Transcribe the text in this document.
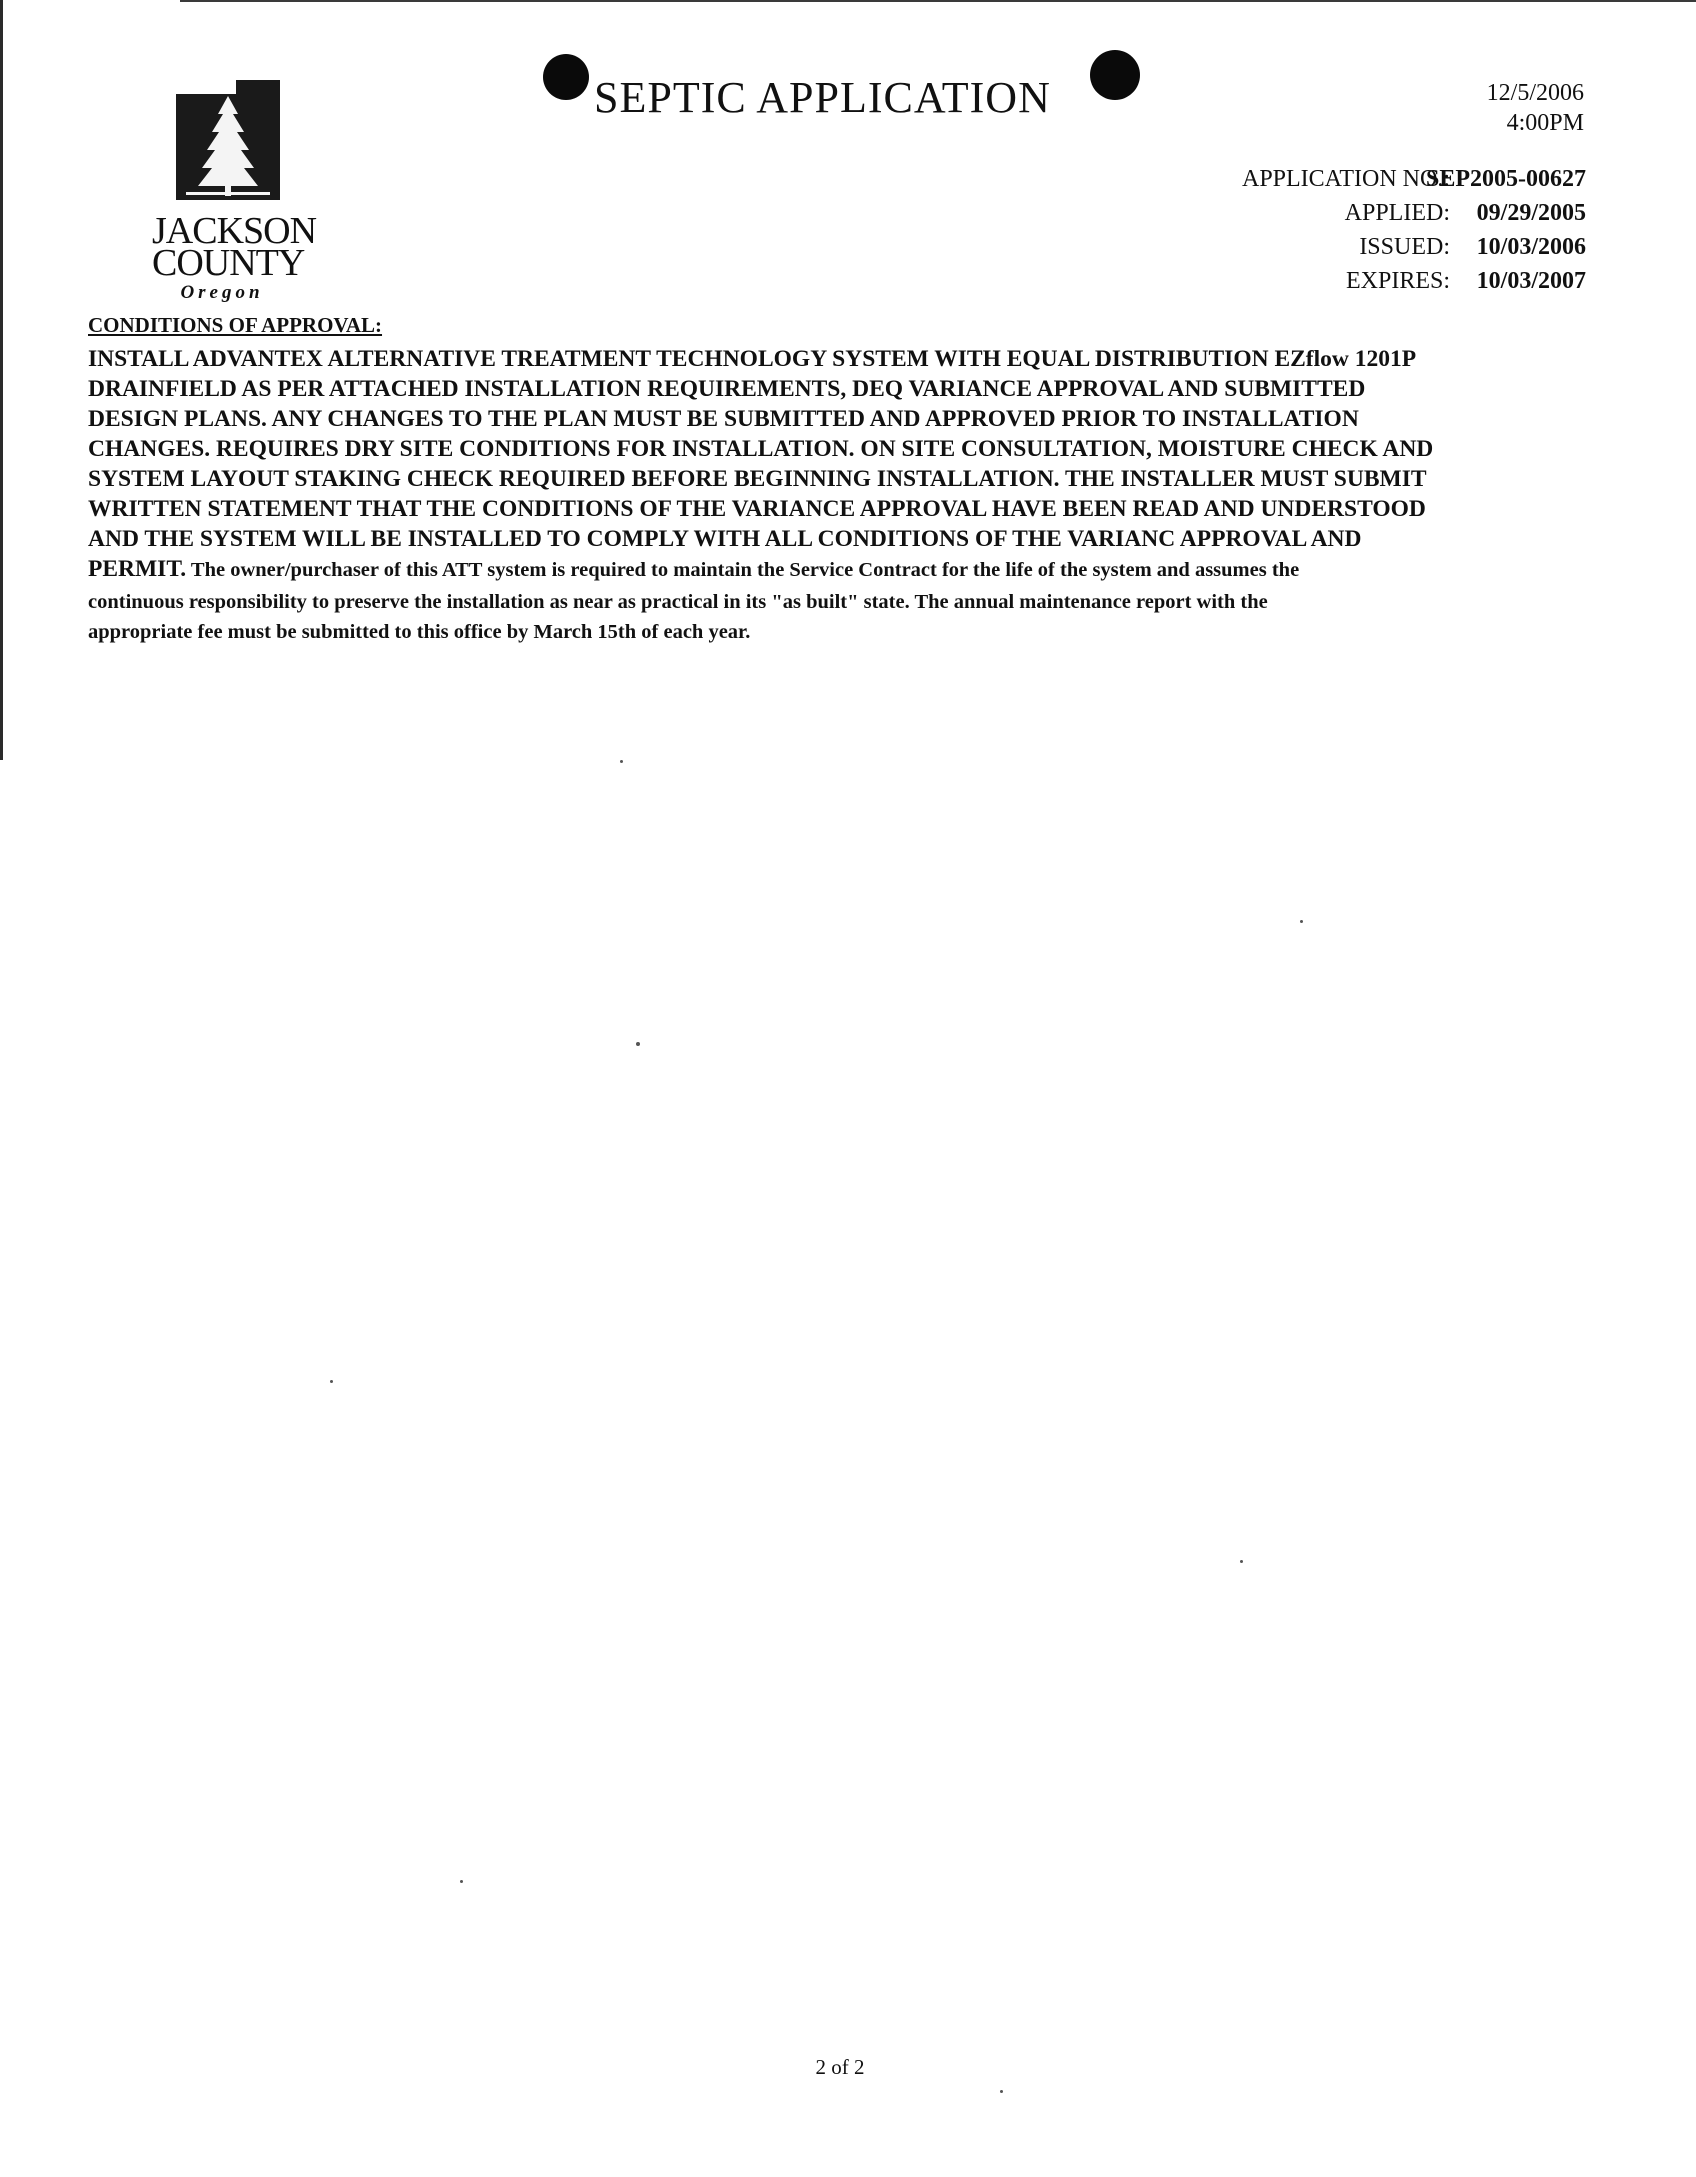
JACKSON
COUNTY
Oregon
SEPTIC APPLICATION	12/5/2006
4:00PM
APPLICATION NO.:
SEP2005-00627
APPLIED: 09/29/2005
ISSUED: 10/03/2006
EXPIRES: 10/03/2007
CONDITIONS OF APPROVAL:
INSTALL ADVANTEX ALTERNATIVE TREATMENT TECHNOLOGY SYSTEM WITH EQUAL DISTRIBUTION EZflow 1201P
DRAINFIELD AS PER ATTACHED INSTALLATION REQUIREMENTS, DEQ VARIANCE APPROVAL AND SUBMITTED
DESIGN PLANS. ANY CHANGES TO THE PLAN MUST BE SUBMITTED AND APPROVED PRIOR TO INSTALLATION
CHANGES. REQUIRES DRY SITE CONDITIONS FOR INSTALLATION. ON SITE CONSULTATION, MOISTURE CHECK AND
SYSTEM LAYOUT STAKING CHECK REQUIRED BEFORE BEGINNING INSTALLATION. THE INSTALLER MUST SUBMIT
WRITTEN STATEMENT THAT THE CONDITIONS OF THE VARIANCE APPROVAL HAVE BEEN READ AND UNDERSTOOD
AND THE SYSTEM WILL BE INSTALLED TO COMPLY WITH ALL CONDITIONS OF THE VARIANC APPROVAL AND
PERMIT. The owner/purchaser of this ATT system is required to maintain the Service Contract for the life of the system and assumes the
continuous responsibility to preserve the installation as near as practical in its "as built" state. The annual maintenance report with the
appropriate fee must be submitted to this office by March 15th of each year.
2 of 2
